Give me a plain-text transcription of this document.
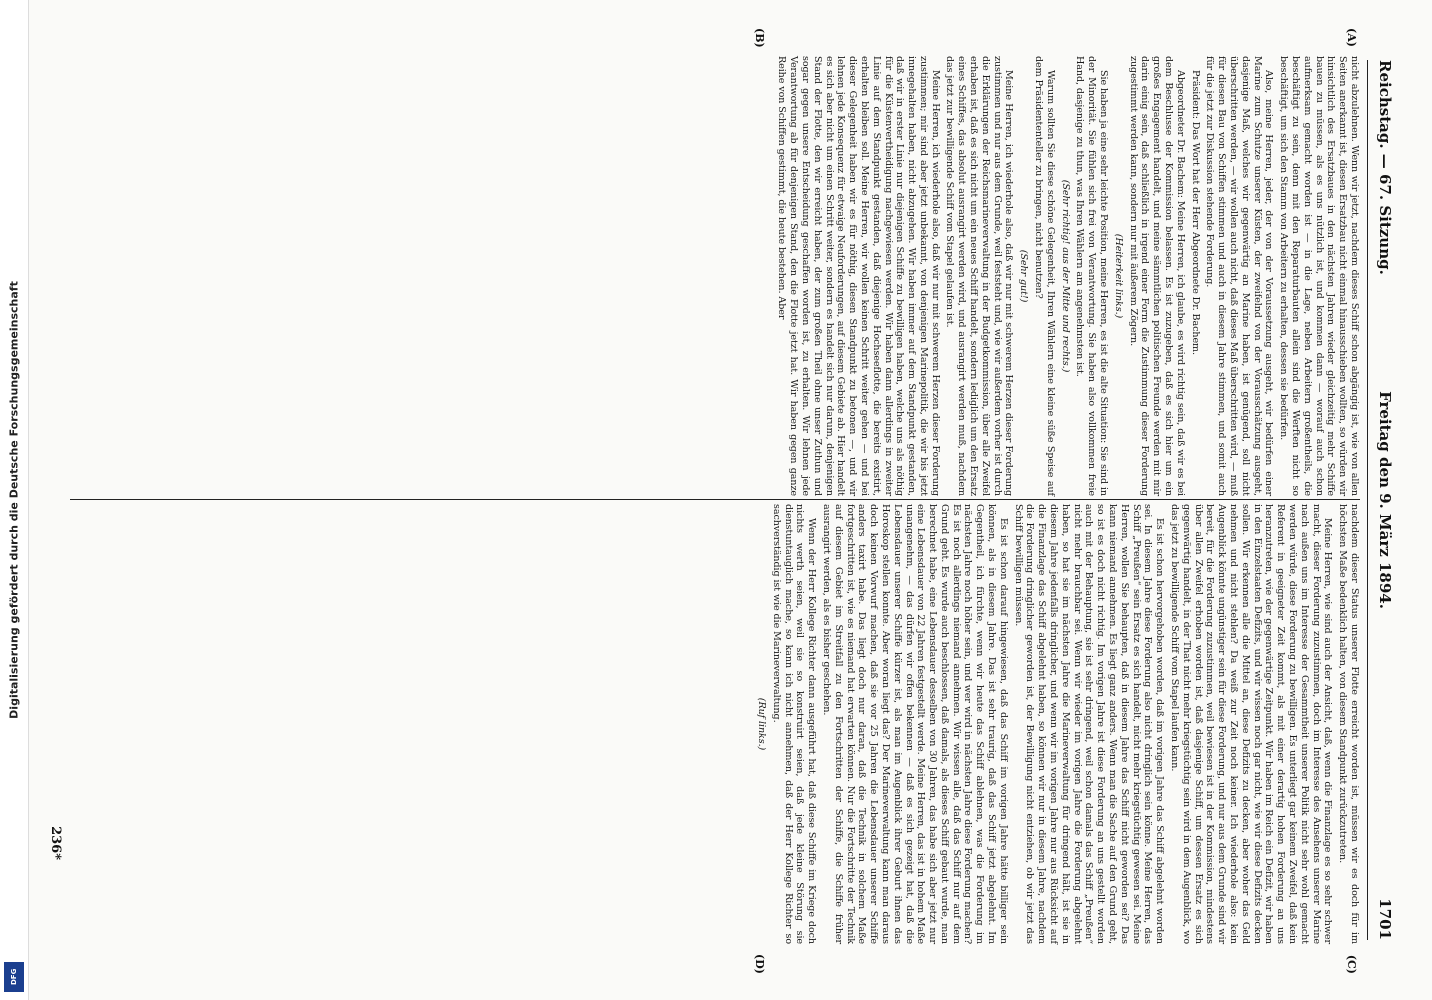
Digitalisierung gefördert durch die Deutsche Forschungsgemeinschaft
DFG
Reichstag. — 67. Sitzung.
Freitag den 9. März 1894.
1701

nicht abzulehnen. Wenn wir jetzt, nachdem dieses Schiff schon abgängig ist, wie von allen Seiten anerkannt ist, diesen Ersatzbau nicht einmal hinausschieben wollten, so würden wir hinsichtlich des Ersatzbaues in den nächsten Jahren wieder gleichzeitig mehr Schiffe bauen zu müssen, als es uns nützlich ist, und kommen dann — worauf auch schon aufmerksam gemacht worden ist — in die Lage, neben Arbeitern großentheils, die beschäftigt zu sein, denn mit den Reparaturbauten allein sind die Werften nicht so beschäftigt, um sich den Stamm von Arbeitern zu erhalten, dessen sie bedürfen.

Also, meine Herren, jeder, der von der Voraussetzung ausgeht, wir bedürfen einer Marine zum Schutze unserer Küsten, der zweifelnd von der Vorausschätzung ausgeht, dasjenige Maß, welches wir gegenwärtig an Marine haben, ist genügend, soll nicht überschritten werden, — wir wollen auch nicht, daß dieses Maß überschritten wird, — muß für diesen Bau von Schiffen stimmen und auch in diesem Jahre stimmen, und somit auch für die jetzt zur Diskussion stehende Forderung.

Präsident: Das Wort hat der Herr Abgeordnete Dr. Bachem.

Abgeordneter Dr. Bachem: Meine Herren, ich glaube, es wird richtig sein, daß wir es bei dem Beschlusse der Kommission belassen. Es ist zuzugeben, daß es sich hier um ein großes Engagement handelt, und meine sämmtlichen politischen Freunde werden mit mir darin einig sein, daß schließlich in irgend einer Form die Zustimmung dieser Forderung zugestimmt werden kann, sondern nur mit äußerem Zögern.

(Heiterkeit links.)

Sie haben ja eine sehr leichte Position, meine Herren, es ist die alte Situation: Sie sind in der Minorität. Sie fühlen sich frei von Verantwortung. Sie haben also vollkommen freie Hand, dasjenige zu thun, was Ihren Wählern am angenehmsten ist.

(Sehr richtig! aus der Mitte und rechts.)

Warum sollten Sie diese schöne Gelegenheit, Ihren Wählern eine kleine süße Speise auf dem Präsidententeller zu bringen, nicht benutzen?

(Sehr gut!)

Meine Herren, ich wiederhole also, daß wir nur mit schwerem Herzen dieser Forderung zustimmen und nur aus dem Grunde, weil feststeht und, wie wir außerdem vorher ist durch die Erklärungen der Reichsmarineverwaltung in der Budgetkommission, über alle Zweifel erhaben ist, daß es sich nicht um ein neues Schiff handelt, sondern lediglich um den Ersatz eines Schiffes, das absolut ausrangirt werden wird, und ausrangirt werden muß, nachdem das jetzt zur bewilligende Schiff vom Stapel gelaufen ist.

Meine Herren, ich wiederhole also, daß wir nur mit schwerem Herzen dieser Forderung zustimmen; mir sind aber jetzt unbekannt, von denjenigen Marinepolitik, die wir bis jetzt innegehalten haben, nicht abzugehen. Wir haben immer auf dem Standpunkt gestanden, daß wir in erster Linie nur diejenigen Schiffe zu bewilligen haben, welche uns als nöthig für die Küstenvertheidigung nachgewiesen werden. Wir haben dann allerdings in zweiter Linie auf dem Standpunkt gestanden, daß diejenige Hochseeflotte, die bereits existirt, erhalten bleiben soll. Meine Herren, wir wollen keinen Schritt weiter gehen — und bei dieser Gelegenheit haben wir es für nöthig, diesen Standpunkt zu betonen —, und wir lehnen jede Konsequenz für etwaige Neuforderungen, auf diesem Gebiete ab. Hier handelt es sich aber nicht um einen Schritt weiter, sondern es handelt sich nur darum, denjenigen Stand der Flotte, den wir erreicht haben, der zum großen Theil ohne unser Zuthun und sogar gegen unsere Entscheidung geschaffen worden ist, zu erhalten. Wir lehnen jede Verantwortung ab für denjenigen Stand, den die Flotte jetzt hat. Wir haben gegen ganze Reihe von Schiffen gestimmt, die heute bestehen. Aber

nachdem dieser Status unserer Flotte erreicht worden ist, müssen wir es doch für im höchsten Maße bedenklich halten, von diesem Standpunkt zurückzutreten.

Meine Herren, wie sind auch der Ansicht, daß, wenn die Finanzlage es so sehr schwer macht, dieser Forderung zuzustimmen, doch im Interesse des Ansehens unserer Marine nach außen uns im Interesse der Gesammtheit unserer Politik nicht sehr wohl gemacht werden würde, diese Forderung zu bewilligen. Es unterliegt gar keinem Zweifel, daß kein Referent in geeigneter Zeit kommt, als mit einer derartig hohen Forderung an uns heranzutreten, wie der gegenwärtige Zeitpunkt. Wir haben im Reich ein Defizit, wir haben in den Einzelstaaten Defizits, und wir wissen noch gar nicht, wie wir diese Defizits decken sollen. Wir erkennen alle die Mittel an, diese Defizits zu decken, aber woher das Geld nehmen und nicht stehlen? Da weiß zur Zeit noch keiner. Ich wiederhole also: kein Augenblick könnte ungünstiger sein für diese Forderung, und nur aus dem Grunde sind wir bereit, für die Forderung zuzustimmen, weil bewiesen ist in der Kommission, mindestens über allen Zweifel erhoben worden ist, daß dasjenige Schiff, um dessen Ersatz es sich gegenwärtig handelt, in der That nicht mehr kriegstüchtig sein wird in dem Augenblick, wo das jetzt zu bewilligende Schiff vom Stapel laufen kann.

Es ist schon hervorgehoben worden, daß im vorigen Jahre das Schiff abgelehnt worden sei. In diesem Jahre diese Forderung also nicht dringlich sein könne. Meine Herren, das Schiff „Preußen“ sein Ersatz es sich handelt, nicht mehr kriegstüchtig gewesen sei. Meine Herren, wollen Sie behaupten, daß in diesem Jahre das Schiff nicht geworden sei? Das kann niemand annehmen. Es liegt ganz anders. Wenn man die Sache auf den Grund geht, so ist es doch nicht richtig. Im vorigen Jahre ist diese Forderung an uns gestellt worden auch mit der Behauptung, sie ist sehr dringend, weil schon damals das Schiff „Preußen“ nicht mehr brauchbar sei. Wenn wir wieder im vorigen Jahre die Forderung abgelehnt haben, so hat sie im nächsten Jahre die Marineverwaltung für dringend hält, ist sie in diesem Jahre jedenfalls dringlicher, und wenn wir im vorigen Jahre nur aus Rücksicht auf die Finanzlage das Schiff abgelehnt haben, so können wir nur in diesem Jahre, nachdem die Forderung dringlicher geworden ist, der Bewilligung nicht entziehen, ob wir jetzt das Schiff bewilligen müssen.

Es ist schon darauf hingewiesen, daß das Schiff im vorigen Jahre hätte billiger sein können, als in diesem Jahre. Das ist sehr traurig, daß das Schiff jetzt abgelehnt. Im Gegentheil, ich fürchte, wenn wir heute das Schiff ablehnen, was die Forderung im nächsten Jahre noch höher sein, und wer wird in nächsten Jahre diese Forderung machen? Es ist noch allerdings niemand annehmen. Wir wissen alle, daß das Schiff nur auf dem Grund geht. Es wurde auch beschlossen, daß damals, als dieses Schiff gebaut wurde, man berechnet habe, eine Lebensdauer desselben von 30 Jahren, das habe sich aber jetzt nur eine Lebensdauer von 22 Jahren festgestellt werde. Meine Herren, das ist in hohem Maße unangenehm, — das dürfen wir offen bekennen — daß es sich gezeigt hat, daß die Lebensdauer unserer Schiffe kürzer ist, als man im Augenblick ihrer Geburt ihnen das Horoskop stellen konnte. Aber woran liegt das? Der Marineverwaltung kann man daraus doch keinen Vorwurf machen, daß sie vor 25 Jahren die Lebensdauer unserer Schiffe anders taxirt habe. Das liegt doch nur daran, daß die Technik in solchem Maße fortgeschritten ist, wie es niemand hat erwarten können. Nur die Fortschritte der Technik auf diesem Gebiet im Streitfall zu den Fortschritten der Schiffe, die Schiffe früher ausrangirt werden, als es bisher geschehen.

Wenn der Herr Kollege Richter dann ausgeführt hat, daß diese Schiffe im Kriege doch nichts werth seien, weil sie so konstruirt seien, daß jede kleine Störung sie dienstuntauglich mache, so kann ich nicht annehmen, daß der Herr Kollege Richter so sachverständig ist wie die Marineverwaltung.

(Ruf links.)

(A)
(B)
(C)
(D)
236*
